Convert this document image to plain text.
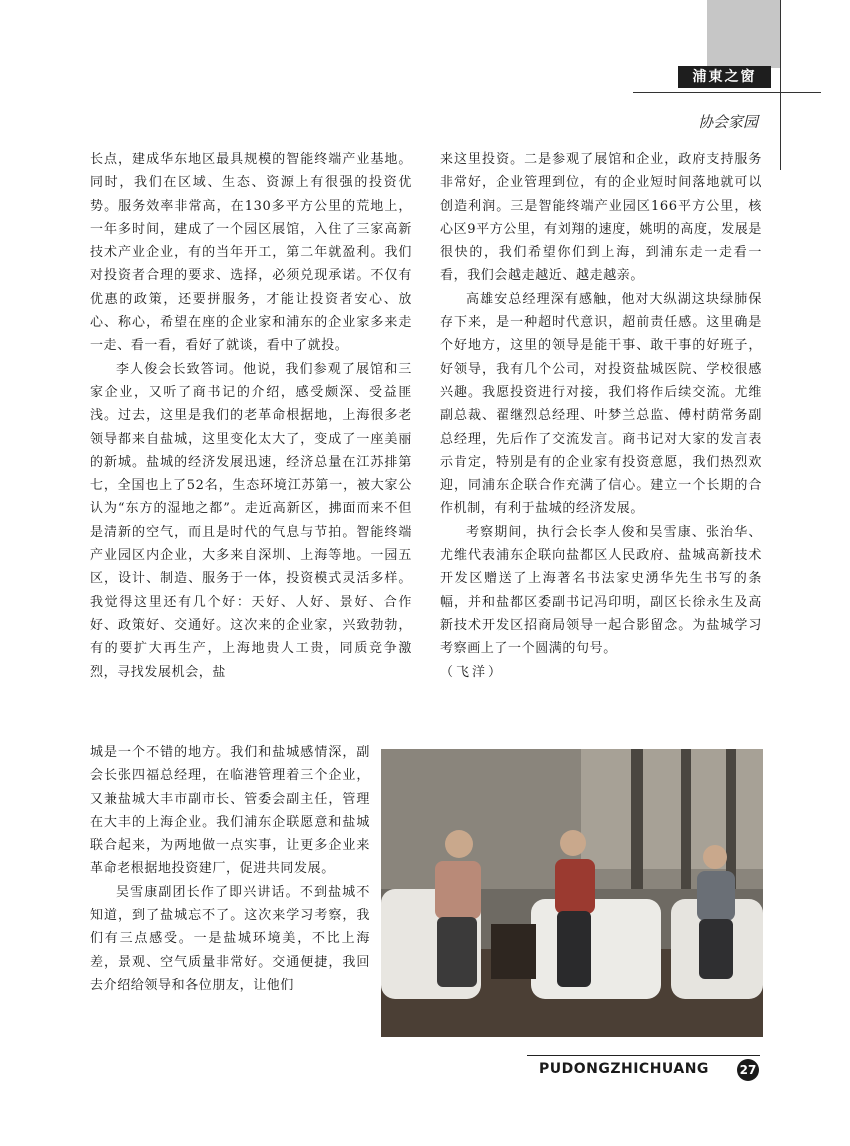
浦東之窗
协会家园

长点，建成华东地区最具规模的智能终端产业基地。同时，我们在区域、生态、资源上有很强的投资优势。服务效率非常高，在130多平方公里的荒地上，一年多时间，建成了一个园区展馆，入住了三家高新技术产业企业，有的当年开工，第二年就盈利。我们对投资者合理的要求、选择，必须兑现承诺。不仅有优惠的政策，还要拼服务，才能让投资者安心、放心、称心，希望在座的企业家和浦东的企业家多来走一走、看一看，看好了就谈，看中了就投。

李人俊会长致答词。他说，我们参观了展馆和三家企业，又听了商书记的介绍，感受颇深、受益匪浅。过去，这里是我们的老革命根据地，上海很多老领导都来自盐城，这里变化太大了，变成了一座美丽的新城。盐城的经济发展迅速，经济总量在江苏排第七，全国也上了52名，生态环境江苏第一，被大家公认为“东方的湿地之都”。走近高新区，拂面而来不但是清新的空气，而且是时代的气息与节拍。智能终端产业园区内企业，大多来自深圳、上海等地。一园五区，设计、制造、服务于一体，投资模式灵活多样。我觉得这里还有几个好：天好、人好、景好、合作好、政策好、交通好。这次来的企业家，兴致勃勃，有的要扩大再生产，上海地贵人工贵，同质竞争激烈，寻找发展机会，盐

城是一个不错的地方。我们和盐城感情深，副会长张四福总经理，在临港管理着三个企业，又兼盐城大丰市副市长、管委会副主任，管理在大丰的上海企业。我们浦东企联愿意和盐城联合起来，为两地做一点实事，让更多企业来革命老根据地投资建厂，促进共同发展。

吴雪康副团长作了即兴讲话。不到盐城不知道，到了盐城忘不了。这次来学习考察，我们有三点感受。一是盐城环境美，不比上海差，景观、空气质量非常好。交通便捷，我回去介绍给领导和各位朋友，让他们

来这里投资。二是参观了展馆和企业，政府支持服务非常好，企业管理到位，有的企业短时间落地就可以创造利润。三是智能终端产业园区166平方公里，核心区9平方公里，有刘翔的速度，姚明的高度，发展是很快的，我们希望你们到上海，到浦东走一走看一看，我们会越走越近、越走越亲。

高雄安总经理深有感触，他对大纵湖这块绿肺保存下来，是一种超时代意识，超前责任感。这里确是个好地方，这里的领导是能干事、敢干事的好班子，好领导，我有几个公司，对投资盐城医院、学校很感兴趣。我愿投资进行对接，我们将作后续交流。尤维副总裁、翟继烈总经理、叶梦兰总监、傅村荫常务副总经理，先后作了交流发言。商书记对大家的发言表示肯定，特别是有的企业家有投资意愿，我们热烈欢迎，同浦东企联合作充满了信心。建立一个长期的合作机制，有利于盐城的经济发展。

考察期间，执行会长李人俊和吴雪康、张治华、尤维代表浦东企联向盐都区人民政府、盐城高新技术开发区赠送了上海著名书法家史湧华先生书写的条幅，并和盐都区委副书记冯印明，副区长徐永生及高新技术开发区招商局领导一起合影留念。为盐城学习考察画上了一个圆满的句号。

（飞洋）

PUDONGZHICHUANG	27
